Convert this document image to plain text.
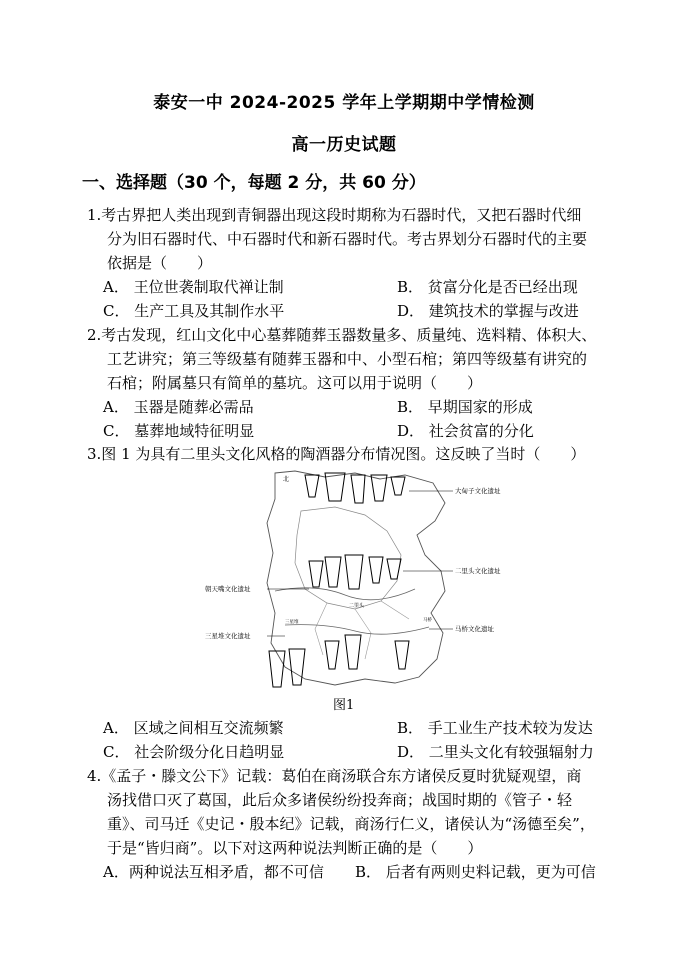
泰安一中 2024-2025 学年上学期期中学情检测
高一历史试题
一、选择题（30 个，每题 2 分，共 60 分）
1.考古界把人类出现到青铜器出现这段时期称为石器时代，又把石器时代细
分为旧石器时代、中石器时代和新石器时代。考古界划分石器时代的主要
依据是（　　）
A． 王位世袭制取代禅让制	B． 贫富分化是否已经出现
C． 生产工具及其制作水平	D． 建筑技术的掌握与改进
2.考古发现，红山文化中心墓葬随葬玉器数量多、质量纯、选料精、体积大、
工艺讲究；第三等级墓有随葬玉器和中、小型石棺；第四等级墓有讲究的
石棺；附属墓只有简单的墓坑。这可以用于说明（　　）
A． 玉器是随葬必需品	B． 早期国家的形成
C． 墓葬地域特征明显	D． 社会贫富的分化
3.图 1 为具有二里头文化风格的陶酒器分布情况图。这反映了当时（　　）
北
大甸子文化遗址
二里头文化遗址
朝天嘴文化遗址
二里头
马桥文化遗址
三星堆文化遗址
三星堆	马桥
图1
A． 区域之间相互交流频繁	B． 手工业生产技术较为发达
C． 社会阶级分化日趋明显	D． 二里头文化有较强辐射力
4.《孟子・滕文公下》记载：葛伯在商汤联合东方诸侯反夏时犹疑观望，商
汤找借口灭了葛国，此后众多诸侯纷纷投奔商；战国时期的《管子・轻
重》、司马迁《史记・殷本纪》记载，商汤行仁义，诸侯认为“汤德至矣”，
于是“皆归商”。以下对这两种说法判断正确的是（　　）
A．两种说法互相矛盾，都不可信 B． 后者有两则史料记载，更为可信
